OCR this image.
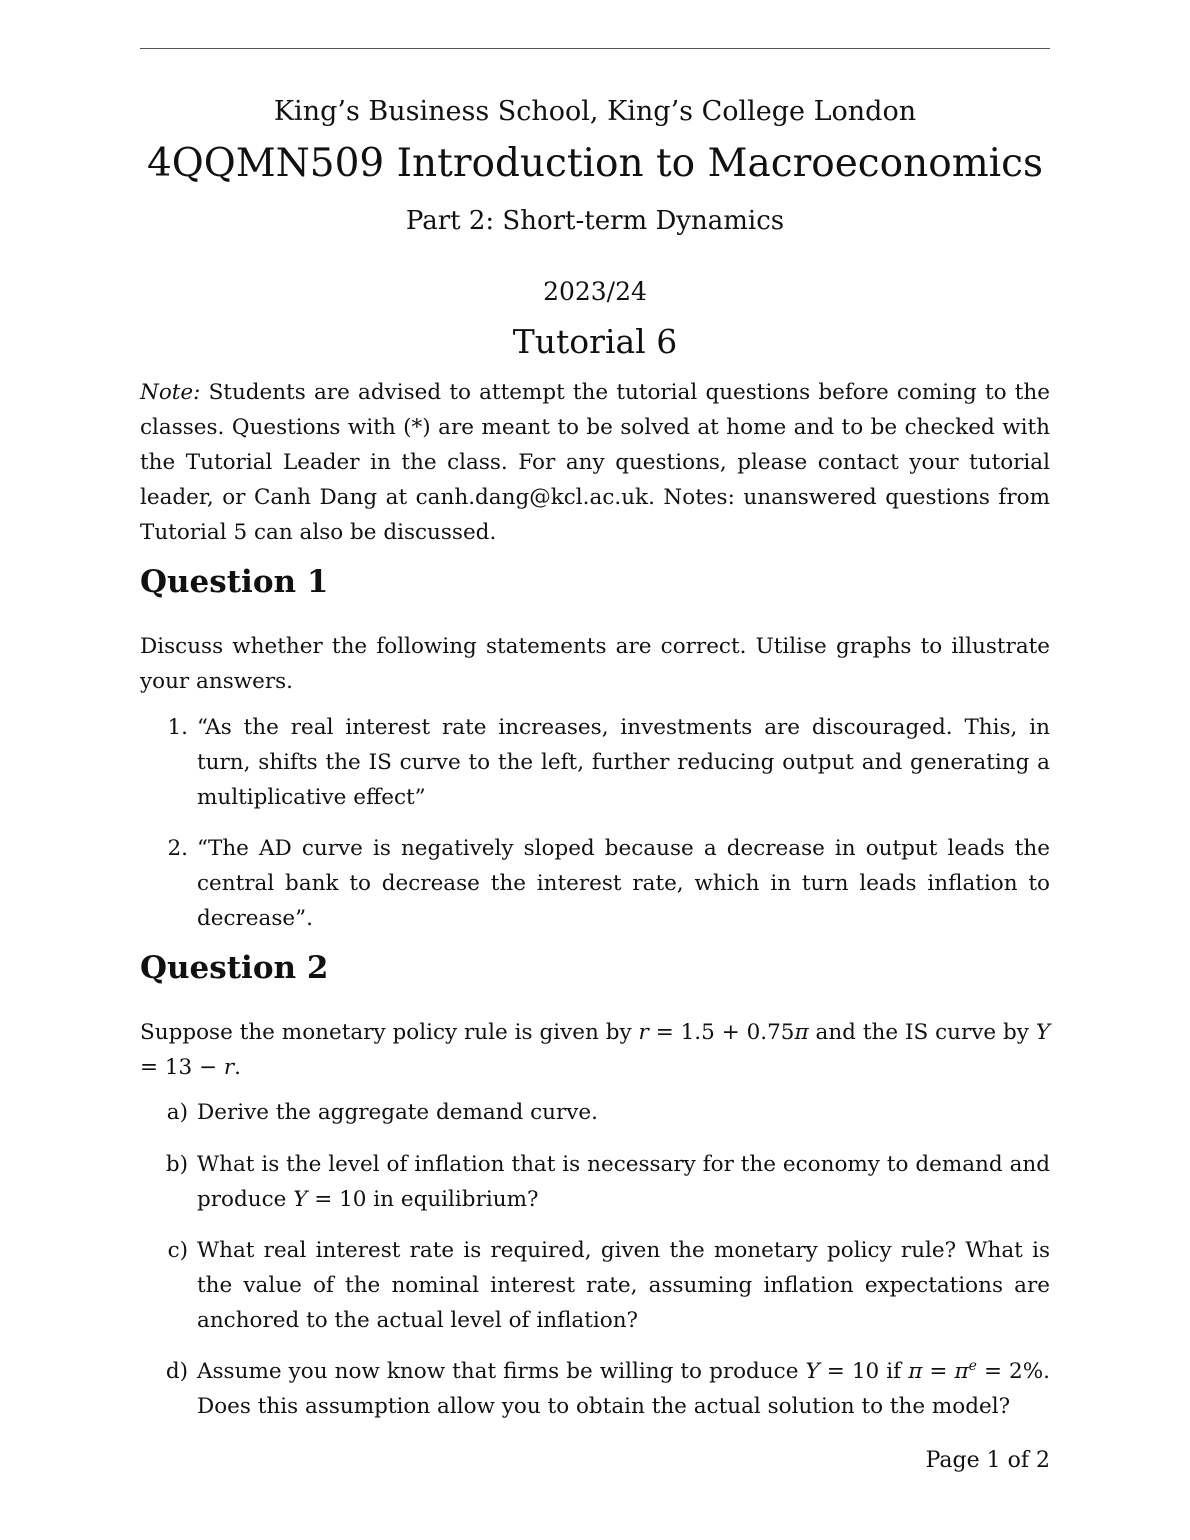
King’s Business School, King’s College London
4QQMN509 Introduction to Macroeconomics
Part 2: Short-term Dynamics
2023/24
Tutorial 6

Note: Students are advised to attempt the tutorial questions before coming to the classes. Questions with (*) are meant to be solved at home and to be checked with the Tutorial Leader in the class. For any questions, please contact your tutorial leader, or Canh Dang at canh.dang@kcl.ac.uk. Notes: unanswered questions from Tutorial 5 can also be discussed.

Question 1

Discuss whether the following statements are correct. Utilise graphs to illustrate your answers.

1. “As the real interest rate increases, investments are discouraged. This, in turn, shifts the IS curve to the left, further reducing output and generating a multiplicative effect”
2. “The AD curve is negatively sloped because a decrease in output leads the central bank to decrease the interest rate, which in turn leads inflation to decrease”.
Question 2

Suppose the monetary policy rule is given by r = 1.5 + 0.75π and the IS curve by Y = 13 − r.

a) Derive the aggregate demand curve.
b) What is the level of inflation that is necessary for the economy to demand and produce Y = 10 in equilibrium?
c) What real interest rate is required, given the monetary policy rule? What is the value of the nominal interest rate, assuming inflation expectations are anchored to the actual level of inflation?
d) Assume you now know that firms be willing to produce Y = 10 if $\pi = \pi^e = 2\%$. Does this assumption allow you to obtain the actual solution to the model?

Page 1 of 2
